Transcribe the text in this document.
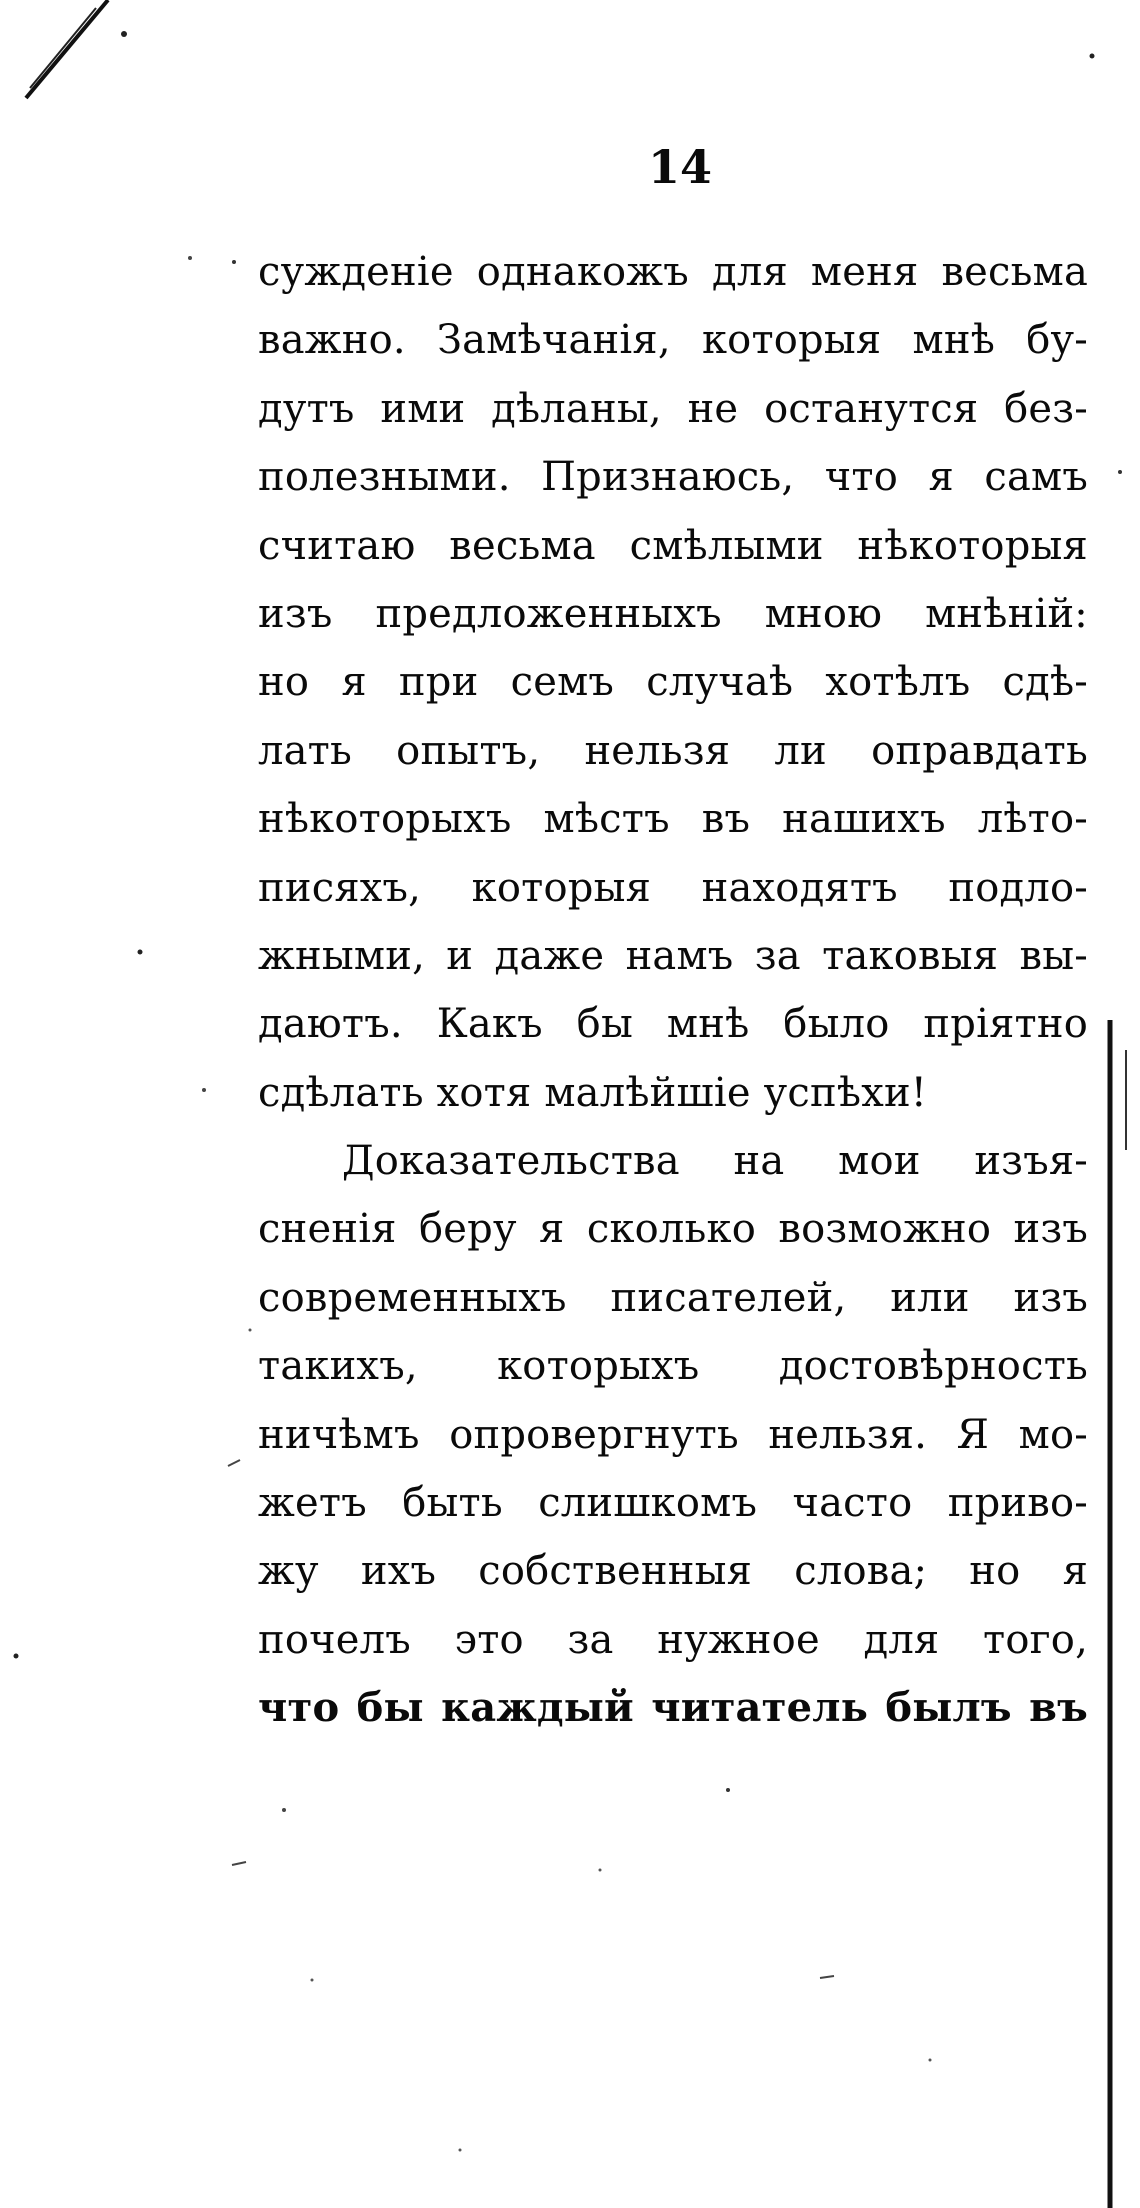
14

сужденіе однакожъ для меня весьма
важно. Замѣчанія, которыя мнѣ бу-
дутъ ими дѣланы, не останутся без-
полезными. Признаюсь, что я самъ
считаю весьма смѣлыми нѣкоторыя
изъ предложенныхъ мною мнѣній:
но я при семъ случаѣ хотѣлъ сдѣ-
лать опытъ, нельзя ли оправдать
нѣкоторыхъ мѣстъ въ нашихъ лѣто-
писяхъ, которыя находятъ подло-
жными, и даже намъ за таковыя вы-
даютъ. Какъ бы мнѣ было пріятно
сдѣлать хотя малѣйшіе успѣхи!
Доказательства на мои изъя-
сненія беру я сколько возможно изъ
современныхъ писателей, или изъ
такихъ, которыхъ достовѣрность
ничѣмъ опровергнуть нельзя. Я мо-
жетъ быть слишкомъ часто приво-
жу ихъ собственныя слова; но я
почелъ это за нужное для того,
что бы каждый читатель былъ въ
